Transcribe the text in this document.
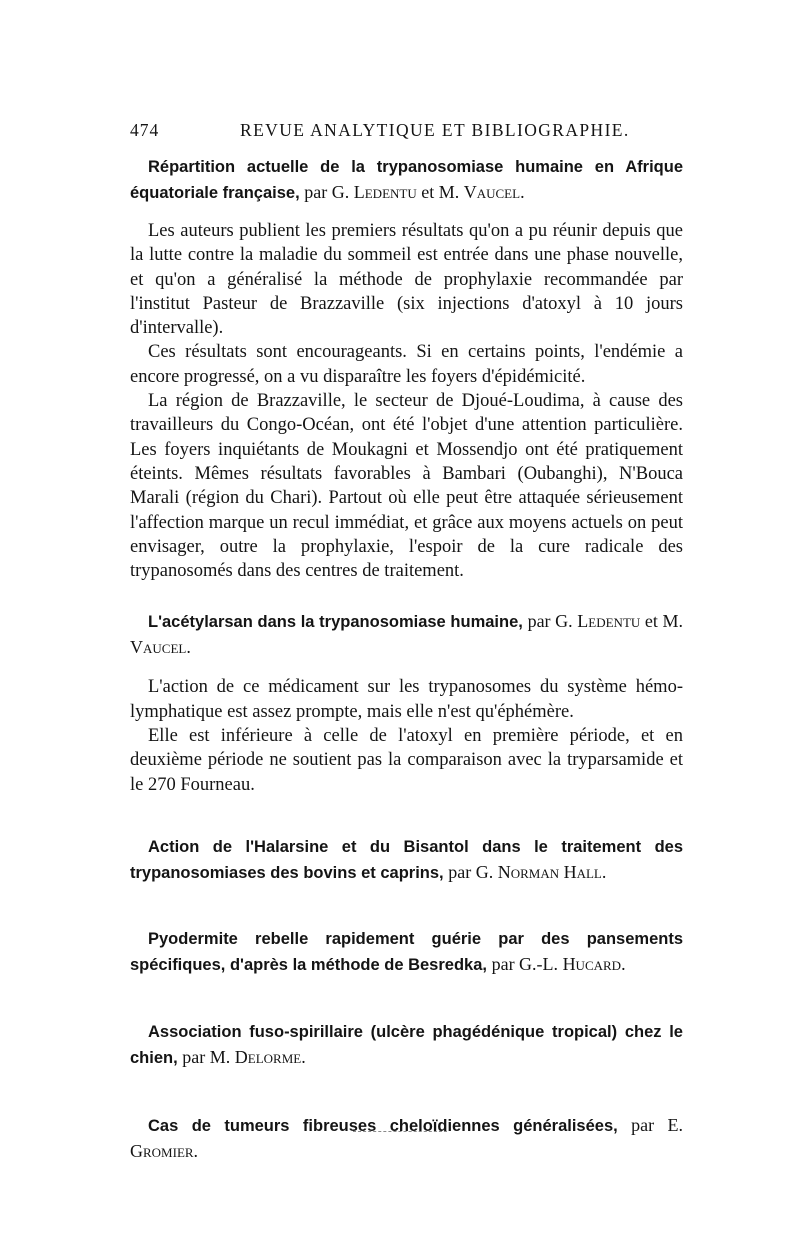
474	REVUE ANALYTIQUE ET BIBLIOGRAPHIE.

Répartition actuelle de la trypanosomiase humaine en Afrique équatoriale française, par G. Ledentu et M. Vaucel.

Les auteurs publient les premiers résultats qu'on a pu réunir depuis que la lutte contre la maladie du sommeil est entrée dans une phase nouvelle, et qu'on a généralisé la méthode de prophylaxie recommandée par l'institut Pasteur de Brazzaville (six injections d'atoxyl à 10 jours d'intervalle).

Ces résultats sont encourageants. Si en certains points, l'endémie a encore progressé, on a vu disparaître les foyers d'épidémicité.

La région de Brazzaville, le secteur de Djoué-Loudima, à cause des travailleurs du Congo-Océan, ont été l'objet d'une attention particulière. Les foyers inquiétants de Moukagni et Mossendjo ont été pratiquement éteints. Mêmes résultats favorables à Bambari (Oubanghi), N'Bouca Marali (région du Chari). Partout où elle peut être attaquée sérieusement l'affection marque un recul immédiat, et grâce aux moyens actuels on peut envisager, outre la prophylaxie, l'espoir de la cure radicale des trypanosomés dans des centres de traitement.

L'acétylarsan dans la trypanosomiase humaine, par G. Ledentu et M. Vaucel.

L'action de ce médicament sur les trypanosomes du système hémo-lymphatique est assez prompte, mais elle n'est qu'éphémère.

Elle est inférieure à celle de l'atoxyl en première période, et en deuxième période ne soutient pas la comparaison avec la tryparsamide et le 270 Fourneau.

Action de l'Halarsine et du Bisantol dans le traitement des trypanosomiases des bovins et caprins, par G. Norman Hall.

Pyodermite rebelle rapidement guérie par des pansements spécifiques, d'après la méthode de Besredka, par G.-L. Hucard.

Association fuso-spirillaire (ulcère phagédénique tropical) chez le chien, par M. Delorme.

Cas de tumeurs fibreuses cheloïdiennes généralisées, par E. Gromier.
